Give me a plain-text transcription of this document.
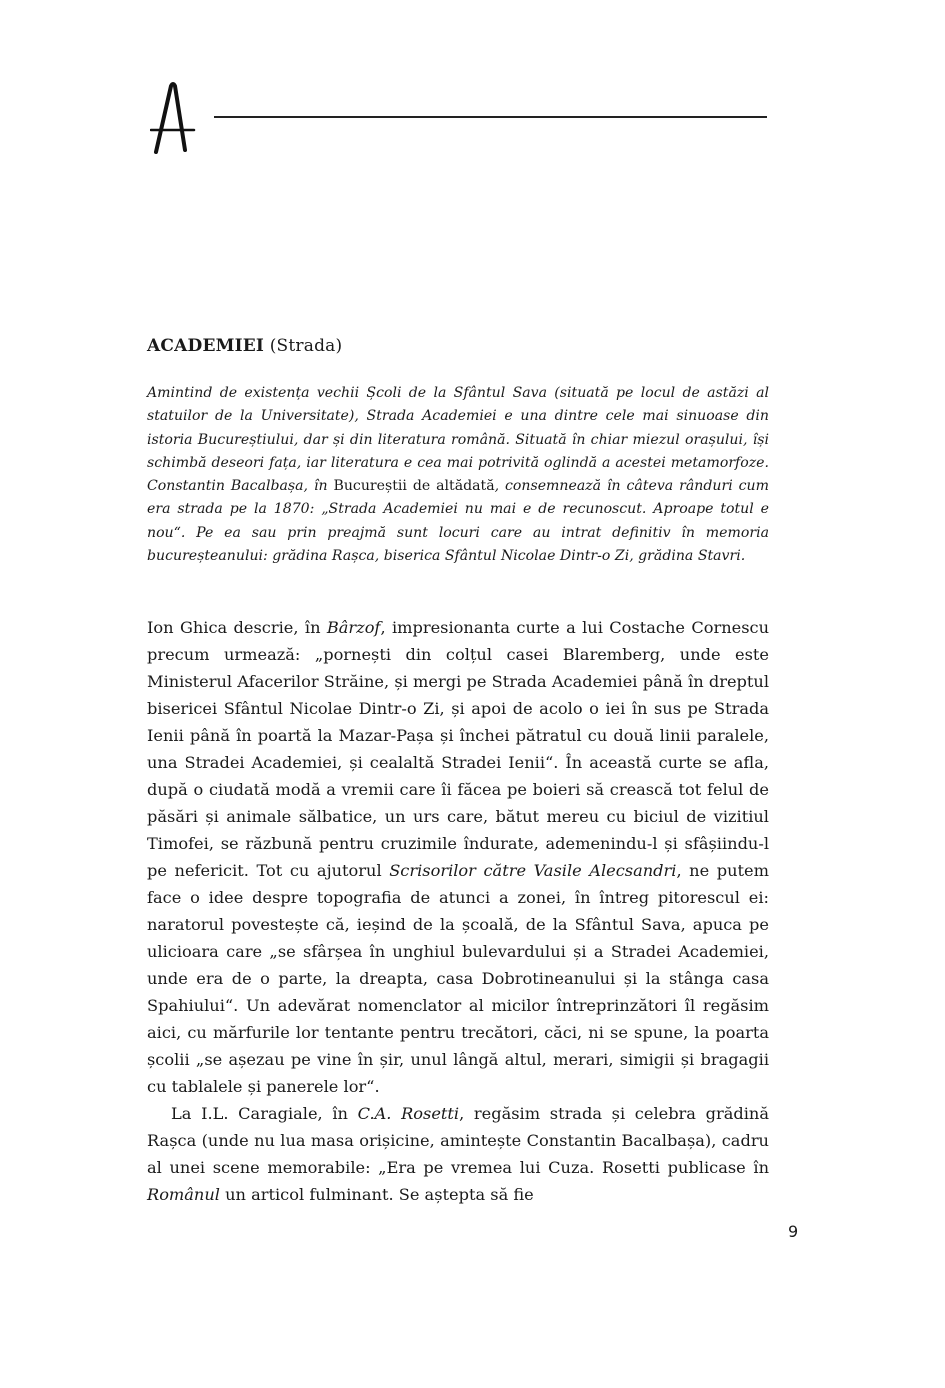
ACADEMIEI (Strada)
Amintind de existența vechii Școli de la Sfântul Sava (situată pe locul de astăzi al statuilor de la Universitate), Strada Academiei e una dintre cele mai sinuoase din istoria Bucureștiului, dar și din literatura română. Situată în chiar miezul orașului, își schimbă deseori fața, iar literatura e cea mai potrivită oglindă a acestei metamorfoze. Constantin Bacalbașa, în Bucureștii de altădată, consemnează în câteva rânduri cum era strada pe la 1870: „Strada Academiei nu mai e de recunoscut. Aproape totul e nou“. Pe ea sau prin preajmă sunt locuri care au intrat definitiv în memoria bucureșteanului: grădina Rașca, biserica Sfântul Nicolae Dintr-o Zi, grădina Stavri.

Ion Ghica descrie, în Bârzof, impresionanta curte a lui Costache Cornescu precum urmează: „pornești din colțul casei Blaremberg, unde este Ministerul Afacerilor Străine, și mergi pe Strada Academiei până în dreptul bisericei Sfântul Nicolae Dintr-o Zi, și apoi de acolo o iei în sus pe Strada Ienii până în poartă la Mazar-Pașa și închei pătratul cu două linii paralele, una Stradei Academiei, și cealaltă Stradei Ienii“. În această curte se afla, după o ciudată modă a vremii care îi făcea pe boieri să crească tot felul de păsări și animale sălbatice, un urs care, bătut mereu cu biciul de vizitiul Timofei, se răzbună pentru cruzimile îndurate, ademenindu-l și sfâșiindu-l pe nefericit. Tot cu ajutorul Scrisorilor către Vasile Alecsandri, ne putem face o idee despre topografia de atunci a zonei, în întreg pitorescul ei: naratorul povestește că, ieșind de la școală, de la Sfântul Sava, apuca pe ulicioara care „se sfârșea în unghiul bulevardului și a Stradei Academiei, unde era de o parte, la dreapta, casa Dobrotineanului și la stânga casa Spahiului“. Un adevărat nomenclator al micilor întreprinzători îl regăsim aici, cu mărfurile lor tentante pentru trecători, căci, ni se spune, la poarta școlii „se așezau pe vine în șir, unul lângă altul, merari, simigii și bragagii cu tablalele și panerele lor“.

La I.L. Caragiale, în C.A. Rosetti, regăsim strada și celebra grădină Rașca (unde nu lua masa orișicine, amintește Constantin Bacalbașa), cadru al unei scene memorabile: „Era pe vremea lui Cuza. Rosetti publicase în Românul un articol fulminant. Se aștepta să fie

9
